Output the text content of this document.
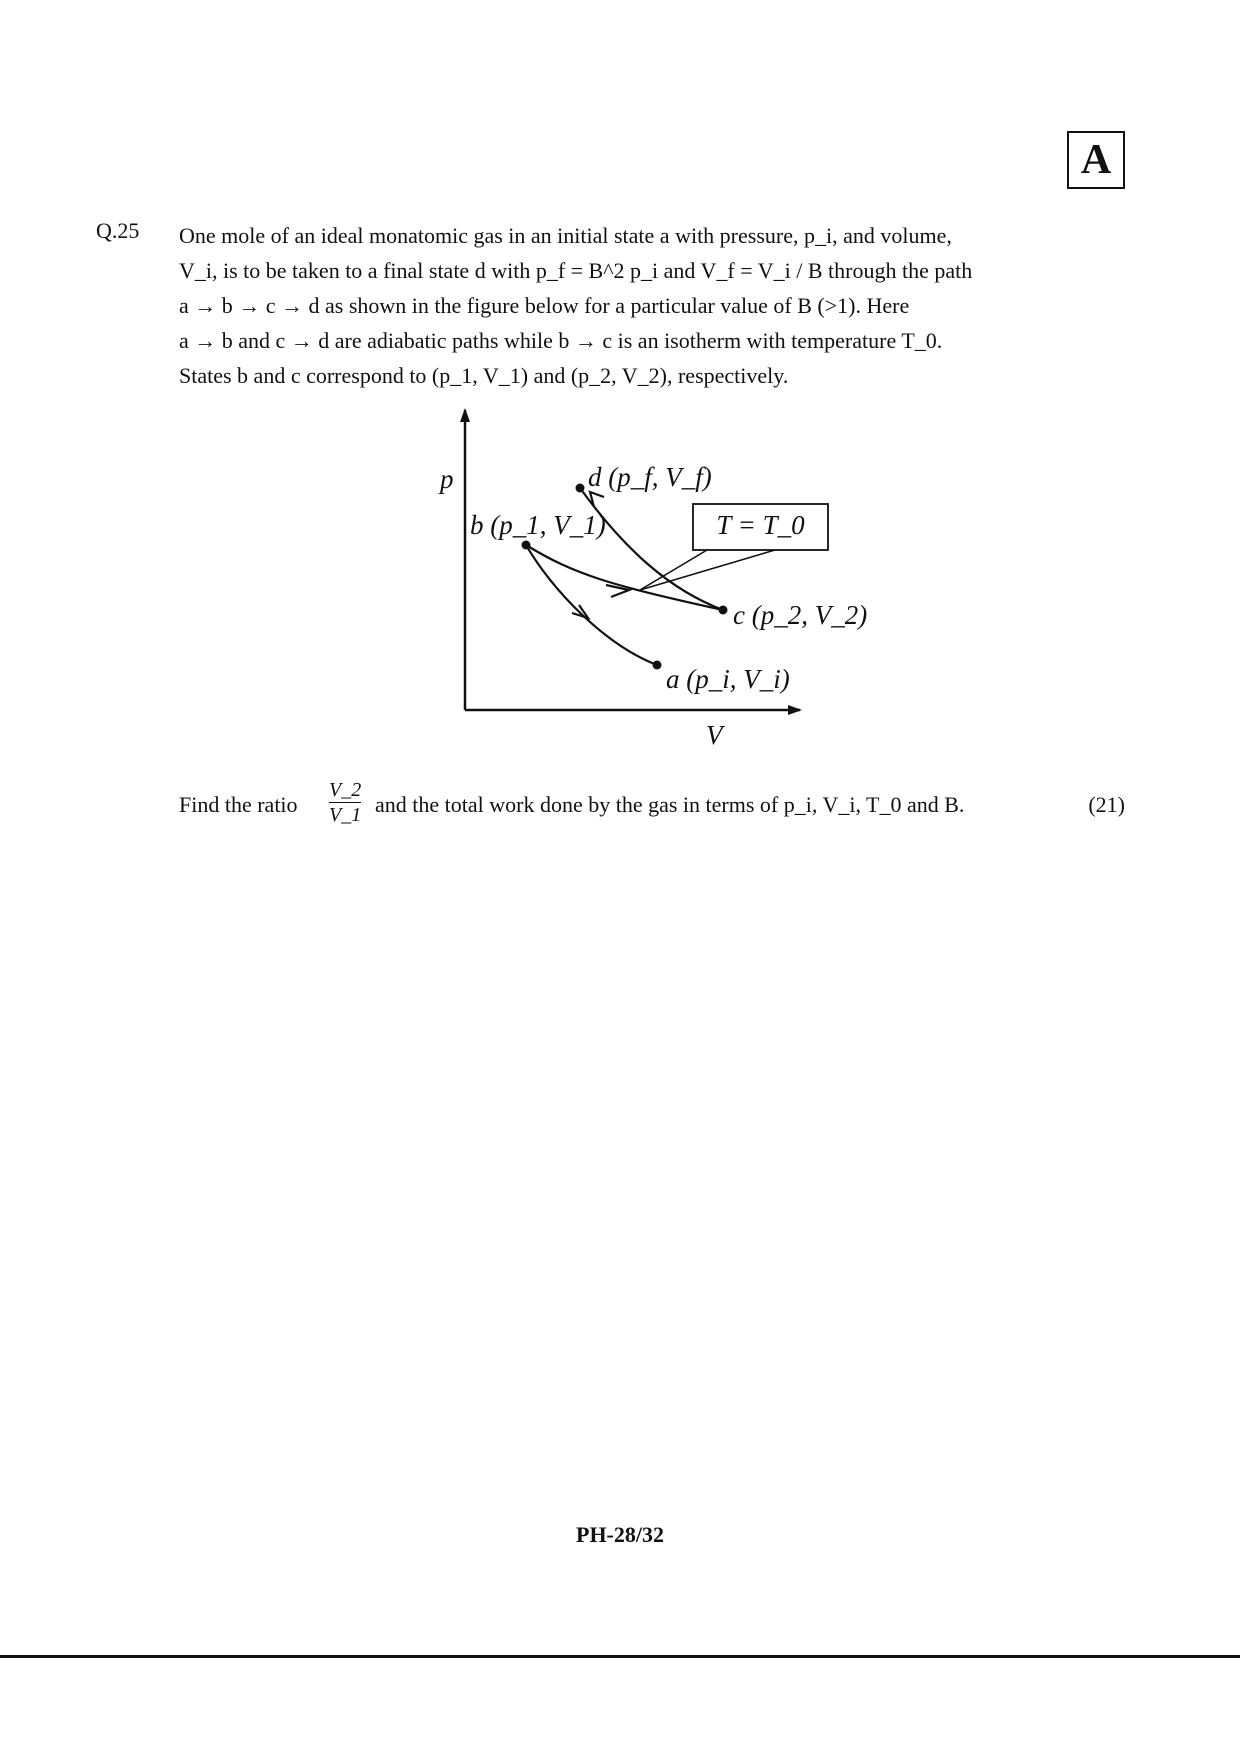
A
Q.25 One mole of an ideal monatomic gas in an initial state a with pressure, p_i, and volume,

V_i, is to be taken to a final state d with p_f = B^2 p_i and V_f = V_i / B through the path

a → b → c → d as shown in the figure below for a particular value of B (>1). Here

a → b and c → d are adiabatic paths while b → c is an isotherm with temperature T_0.

States b and c correspond to (p_1, V_1) and (p_2, V_2), respectively.

p
V
d (p_f, V_f)
b (p_1, V_1)
c (p_2, V_2)
a (p_i, V_i)
T = T_0
Find the ratio $\frac{V\_2}{V\_1}$ and the total work done by the gas in terms of p_i, V_i, T_0 and B.	(21)
PH-28/32
